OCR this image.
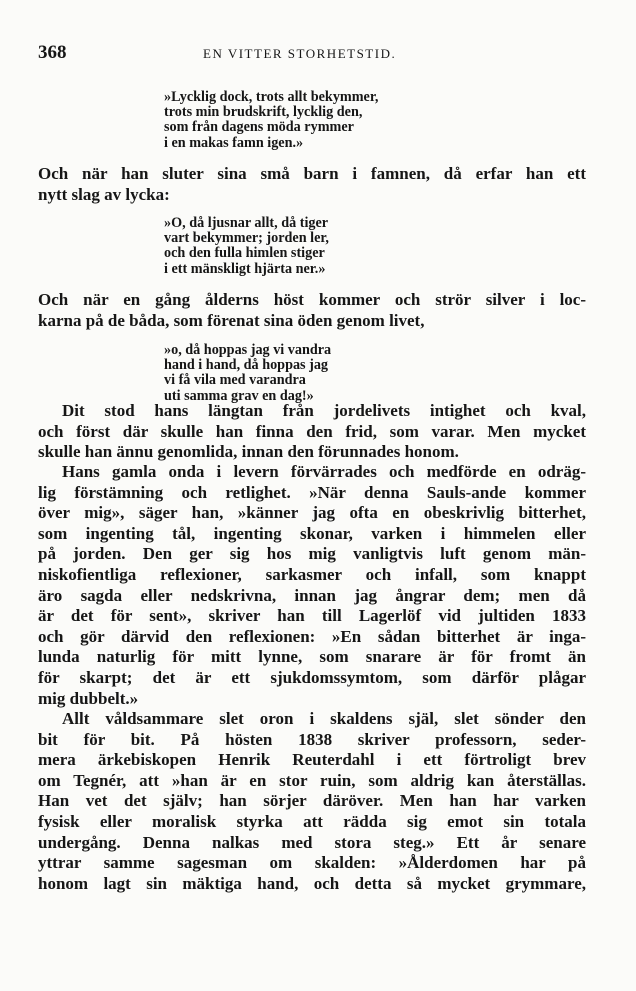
368	EN VITTER STORHETSTID.
»Lycklig dock, trots allt bekymmer,
trots min brudskrift, lycklig den,
som från dagens möda rymmer
i en makas famn igen.»
Och när han sluter sina små barn i famnen, då erfar han ett
nytt slag av lycka:
»O, då ljusnar allt, då tiger
vart bekymmer; jorden ler,
och den fulla himlen stiger
i ett mänskligt hjärta ner.»
Och när en gång ålderns höst kommer och strör silver i loc-
karna på de båda, som förenat sina öden genom livet,
»o, då hoppas jag vi vandra
hand i hand, då hoppas jag
vi få vila med varandra
uti samma grav en dag!»
Dit stod hans längtan från jordelivets intighet och kval,
och först där skulle han finna den frid, som varar. Men mycket
skulle han ännu genomlida, innan den förunnades honom.
Hans gamla onda i levern förvärrades och medförde en odräg-
lig förstämning och retlighet. »När denna Sauls-ande kommer
över mig», säger han, »känner jag ofta en obeskrivlig bitterhet,
som ingenting tål, ingenting skonar, varken i himmelen eller
på jorden. Den ger sig hos mig vanligtvis luft genom män-
niskofientliga reflexioner, sarkasmer och infall, som knappt
äro sagda eller nedskrivna, innan jag ångrar dem; men då
är det för sent», skriver han till Lagerlöf vid jultiden 1833
och gör därvid den reflexionen: »En sådan bitterhet är inga-
lunda naturlig för mitt lynne, som snarare är för fromt än
för skarpt; det är ett sjukdomssymtom, som därför plågar
mig dubbelt.»
Allt våldsammare slet oron i skaldens själ, slet sönder den
bit för bit. På hösten 1838 skriver professorn, seder-
mera ärkebiskopen Henrik Reuterdahl i ett förtroligt brev
om Tegnér, att »han är en stor ruin, som aldrig kan återställas.
Han vet det själv; han sörjer däröver. Men han har varken
fysisk eller moralisk styrka att rädda sig emot sin totala
undergång. Denna nalkas med stora steg.» Ett år senare
yttrar samme sagesman om skalden: »Ålderdomen har på
honom lagt sin mäktiga hand, och detta så mycket grymmare,
